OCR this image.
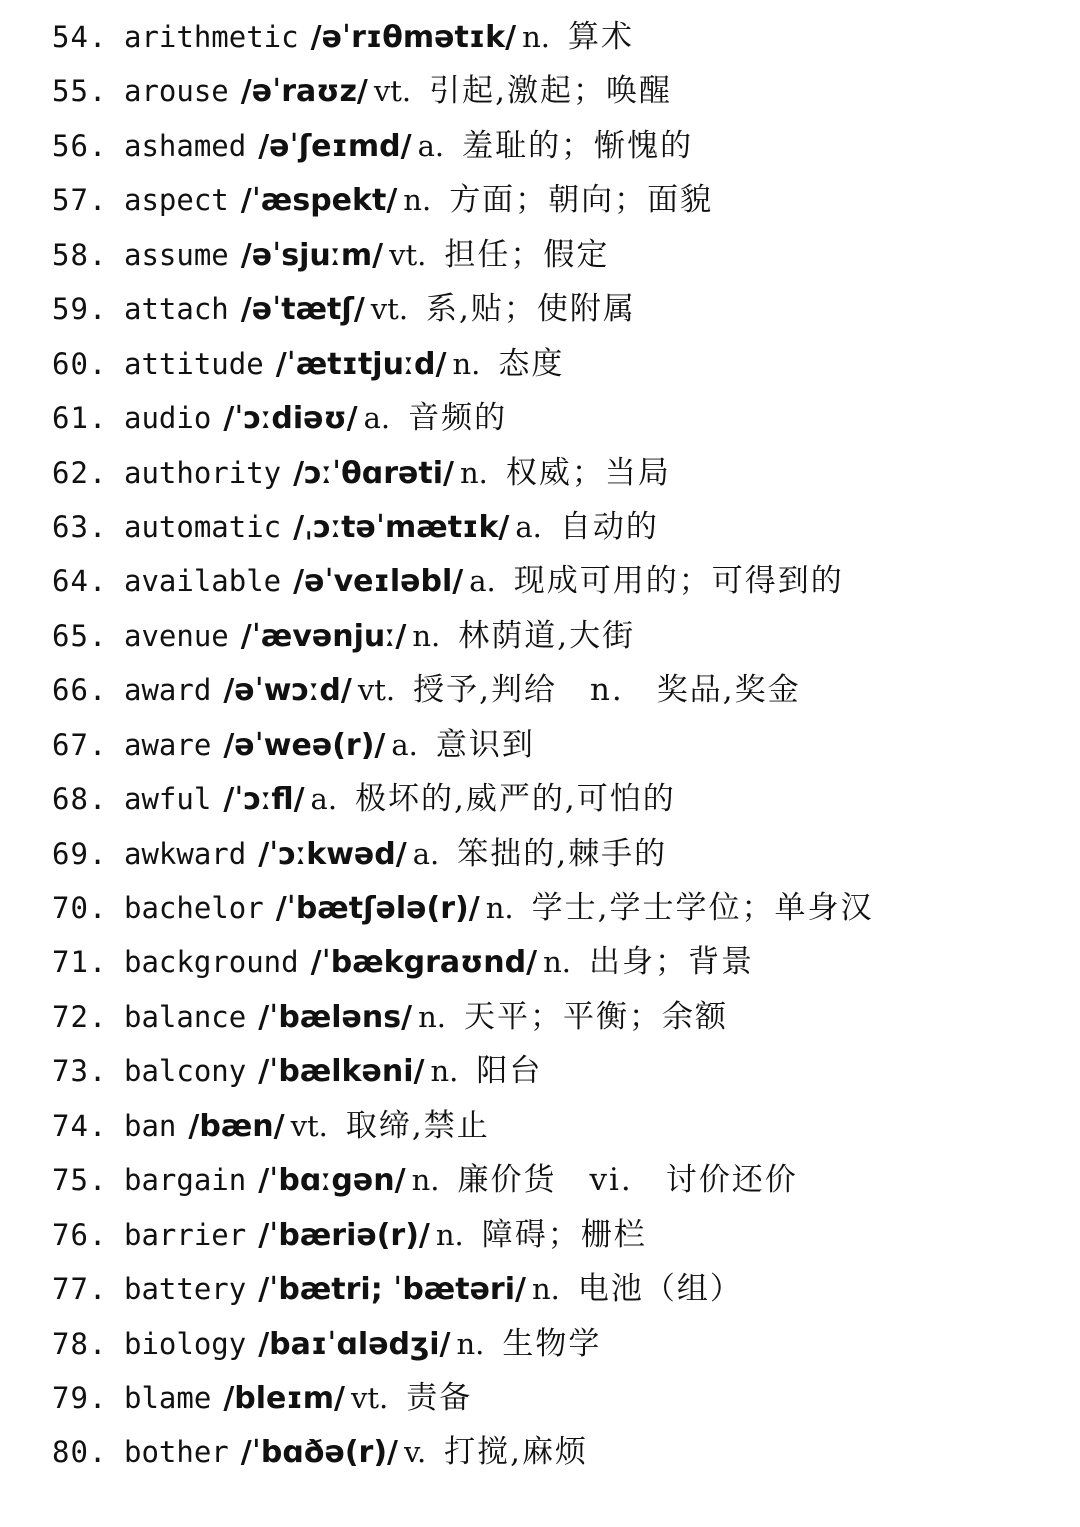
54. arithmetic /əˈrɪθmətɪk/ n. 算术
55. arouse /əˈraʊz/ vt. 引起,激起；唤醒
56. ashamed /əˈʃeɪmd/ a. 羞耻的；惭愧的
57. aspect /ˈæspekt/ n. 方面；朝向；面貌
58. assume /əˈsjuːm/ vt. 担任；假定
59. attach /əˈtætʃ/ vt. 系,贴；使附属
60. attitude /ˈætɪtjuːd/ n. 态度
61. audio /ˈɔːdiəʊ/ a. 音频的
62. authority /ɔːˈθɑrəti/ n. 权威；当局
63. automatic /ˌɔːtəˈmætɪk/ a. 自动的
64. available /əˈveɪləbl/ a. 现成可用的；可得到的
65. avenue /ˈævənjuː/ n. 林荫道,大街
66. award /əˈwɔːd/ vt. 授予,判给　n.　奖品,奖金
67. aware /əˈweə(r)/ a. 意识到
68. awful /ˈɔːfl/ a. 极坏的,威严的,可怕的
69. awkward /ˈɔːkwəd/ a. 笨拙的,棘手的
70. bachelor /ˈbætʃələ(r)/ n. 学士,学士学位；单身汉
71. background /ˈbækgraʊnd/ n. 出身；背景
72. balance /ˈbæləns/ n. 天平；平衡；余额
73. balcony /ˈbælkəni/ n. 阳台
74. ban /bæn/ vt. 取缔,禁止
75. bargain /ˈbɑːgən/ n. 廉价货　vi.　讨价还价
76. barrier /ˈbæriə(r)/ n. 障碍；栅栏
77. battery /ˈbætri; ˈbætəri/ n. 电池（组）
78. biology /baɪˈɑlədʒi/ n. 生物学
79. blame /bleɪm/ vt. 责备
80. bother /ˈbɑðə(r)/ v. 打搅,麻烦
